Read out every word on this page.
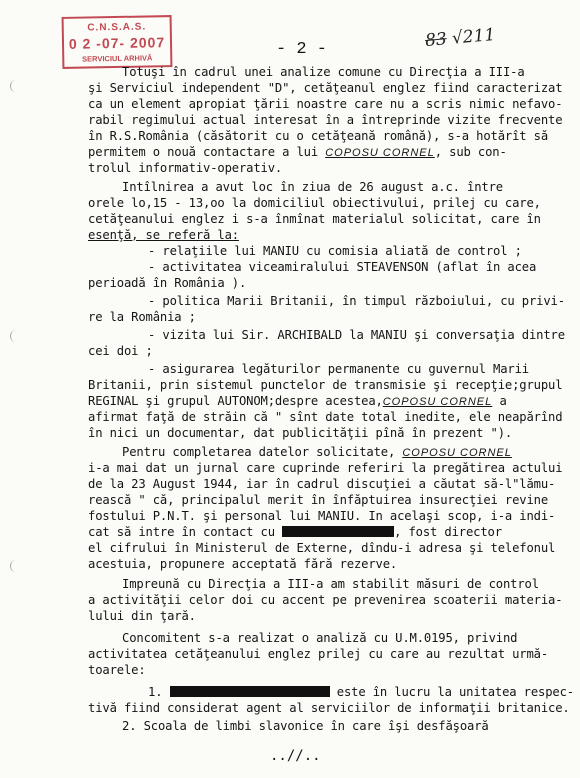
C.N.S.A.S.
0 2 -07- 2007
SERVICIUL ARHIVĂ	- 2 -	83 √211
Totuşi în cadrul unei analize comune cu Direcţia a III-a
şi Serviciul independent "D", cetăţeanul englez fiind caracterizat
ca un element apropiat ţării noastre care nu a scris nimic nefavo-
rabil regimului actual interesat în a întreprinde vizite frecvente
în R.S.România (căsătorit cu o cetăţeană română), s-a hotărît să
permitem o nouă contactare a lui COPOSU CORNEL, sub con-
trolul informativ-operativ.
Intîlnirea a avut loc în ziua de 26 august a.c. între
orele lo,15 - 13,oo la domiciliul obiectivului, prilej cu care,
cetăţeanului englez i s-a înmînat materialul solicitat, care în
esenţă, se referă la:
- relaţiile lui MANIU cu comisia aliată de control ;
- activitatea viceamiralului STEAVENSON (aflat în acea
perioadă în România ).
- politica Marii Britanii, în timpul războiului, cu privi-
re la România ;
- vizita lui Sir. ARCHIBALD la MANIU şi conversaţia dintre
cei doi ;
- asigurarea legăturilor permanente cu guvernul Marii
Britanii, prin sistemul punctelor de transmisie şi recepţie;grupul
REGINAL şi grupul AUTONOM;despre acestea,COPOSU CORNEL a
afirmat faţă de străin că " sînt date total inedite, ele neapărînd
în nici un documentar, dat publicităţii pînă în prezent ").
Pentru completarea datelor solicitate, COPOSU CORNEL
i-a mai dat un jurnal care cuprinde referiri la pregătirea actului
de la 23 August 1944, iar în cadrul discuţiei a căutat să-l"lămu-
rească " că, principalul merit în înfăptuirea insurecţiei revine
fostului P.N.T. şi personal lui MANIU. In acelaşi scop, i-a indi-
cat să intre în contact cu	, fost director
el cifrului în Ministerul de Externe, dîndu-i adresa şi telefonul
acestuia, propunere acceptată fără rezerve.
Impreună cu Direcţia a III-a am stabilit măsuri de control
a activităţii celor doi cu accent pe prevenirea scoaterii materia-
lului din ţară.
Concomitent s-a realizat o analiză cu U.M.0195, privind
activitatea cetăţeanului englez prilej cu care au rezultat urmă-
toarele:
1.	este în lucru la unitatea respec-
tivă fiind considerat agent al serviciilor de informaţii britanice.
2. Scoala de limbi slavonice în care îşi desfăşoară
..//..
